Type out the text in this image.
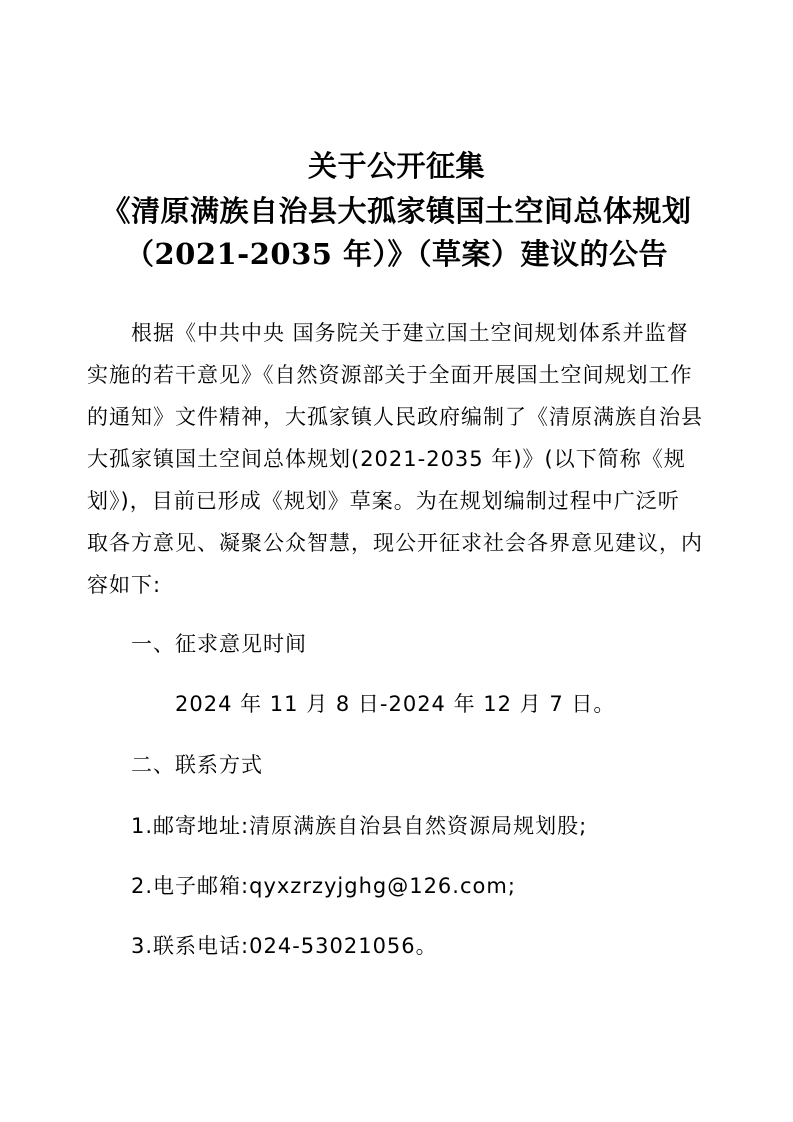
关于公开征集
《清原满族自治县大孤家镇国土空间总体规划
（2021-2035 年）》（草案）建议的公告
根据《中共中央 国务院关于建立国土空间规划体系并监督
实施的若干意见》《自然资源部关于全面开展国土空间规划工作
的通知》文件精神，大孤家镇人民政府编制了《清原满族自治县
大孤家镇国土空间总体规划(2021-2035 年)》(以下简称《规
划》)，目前已形成《规划》草案。为在规划编制过程中广泛听
取各方意见、凝聚公众智慧，现公开征求社会各界意见建议，内
容如下:
一、征求意见时间
2024 年 11 月 8 日-2024 年 12 月 7 日。
二、联系方式
1.邮寄地址:清原满族自治县自然资源局规划股;
2.电子邮箱:qyxzrzyjghg@126.com;
3.联系电话:024-53021056。
